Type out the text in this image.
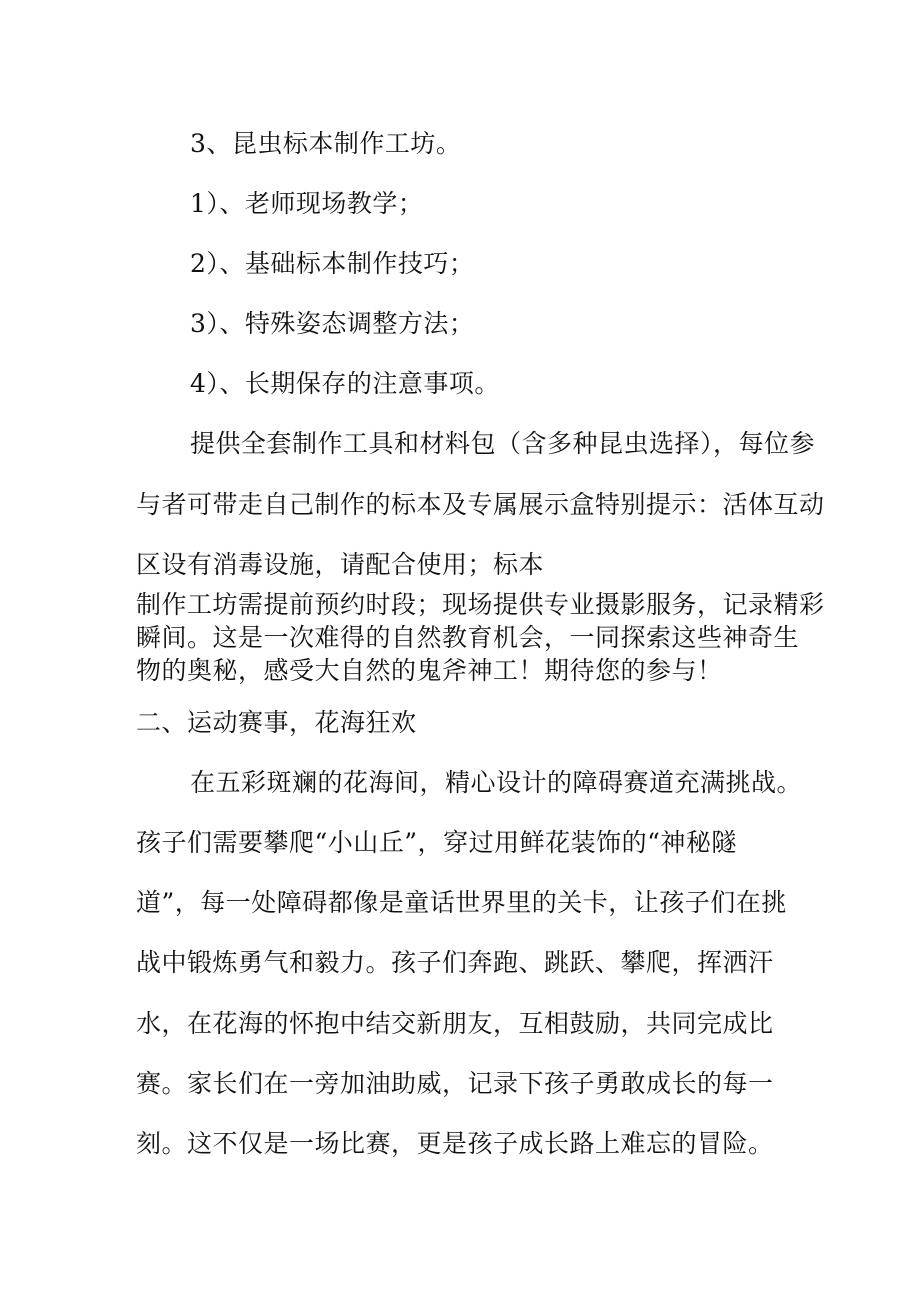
3、昆虫标本制作工坊。
1）、老师现场教学；
2）、基础标本制作技巧；
3）、特殊姿态调整方法；
4）、长期保存的注意事项。
提供全套制作工具和材料包（含多种昆虫选择），每位参
与者可带走自己制作的标本及专属展示盒特别提示：活体互动
区设有消毒设施，请配合使用；标本
制作工坊需提前预约时段；现场提供专业摄影服务，记录精彩
瞬间。这是一次难得的自然教育机会，一同探索这些神奇生
物的奥秘，感受大自然的鬼斧神工！期待您的参与！
二、运动赛事，花海狂欢
在五彩斑斓的花海间，精心设计的障碍赛道充满挑战。
孩子们需要攀爬“小山丘”，穿过用鲜花装饰的“神秘隧
道”，每一处障碍都像是童话世界里的关卡，让孩子们在挑
战中锻炼勇气和毅力。孩子们奔跑、跳跃、攀爬，挥洒汗
水，在花海的怀抱中结交新朋友，互相鼓励，共同完成比
赛。家长们在一旁加油助威，记录下孩子勇敢成长的每一
刻。这不仅是一场比赛，更是孩子成长路上难忘的冒险。
